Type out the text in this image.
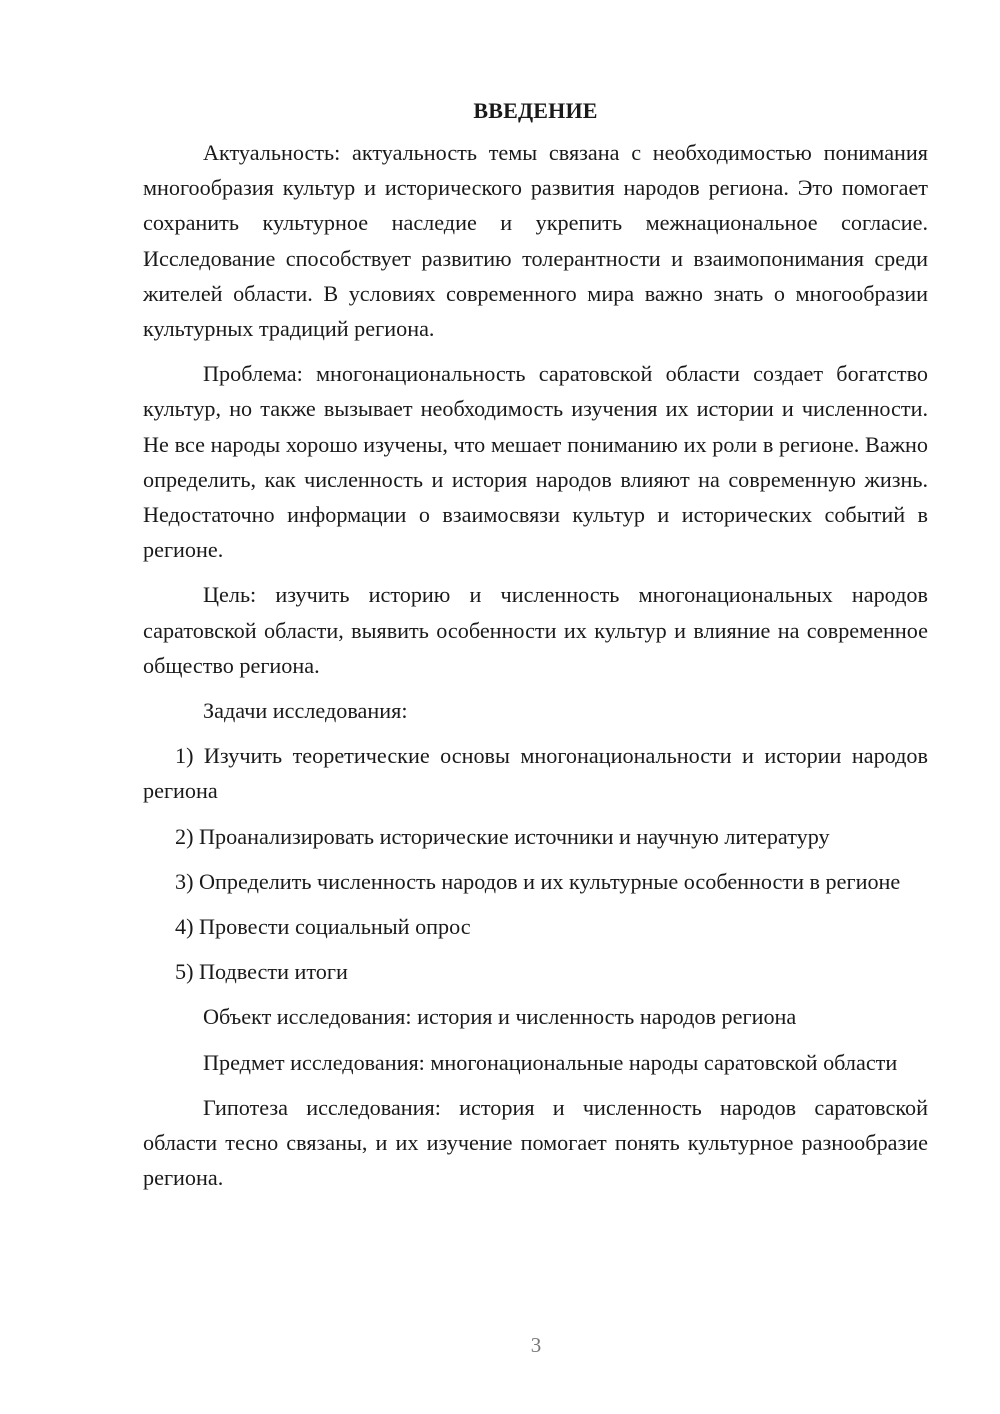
ВВЕДЕНИЕ

Актуальность: актуальность темы связана с необходимостью понимания многообразия культур и исторического развития народов региона. Это помогает сохранить культурное наследие и укрепить межнациональное согласие. Исследование способствует развитию толерантности и взаимопонимания среди жителей области. В условиях современного мира важно знать о многообразии культурных традиций региона.

Проблема: многонациональность саратовской области создает богатство культур, но также вызывает необходимость изучения их истории и численности. Не все народы хорошо изучены, что мешает пониманию их роли в регионе. Важно определить, как численность и история народов влияют на современную жизнь. Недостаточно информации о взаимосвязи культур и исторических событий в регионе.

Цель: изучить историю и численность многонациональных народов саратовской области, выявить особенности их культур и влияние на современное общество региона.

Задачи исследования:

1) Изучить теоретические основы многонациональности и истории народов региона

2) Проанализировать исторические источники и научную литературу

3) Определить численность народов и их культурные особенности в регионе

4) Провести социальный опрос

5) Подвести итоги

Объект исследования: история и численность народов региона

Предмет исследования: многонациональные народы саратовской области

Гипотеза исследования: история и численность народов саратовской области тесно связаны, и их изучение помогает понять культурное разнообразие региона.

3
